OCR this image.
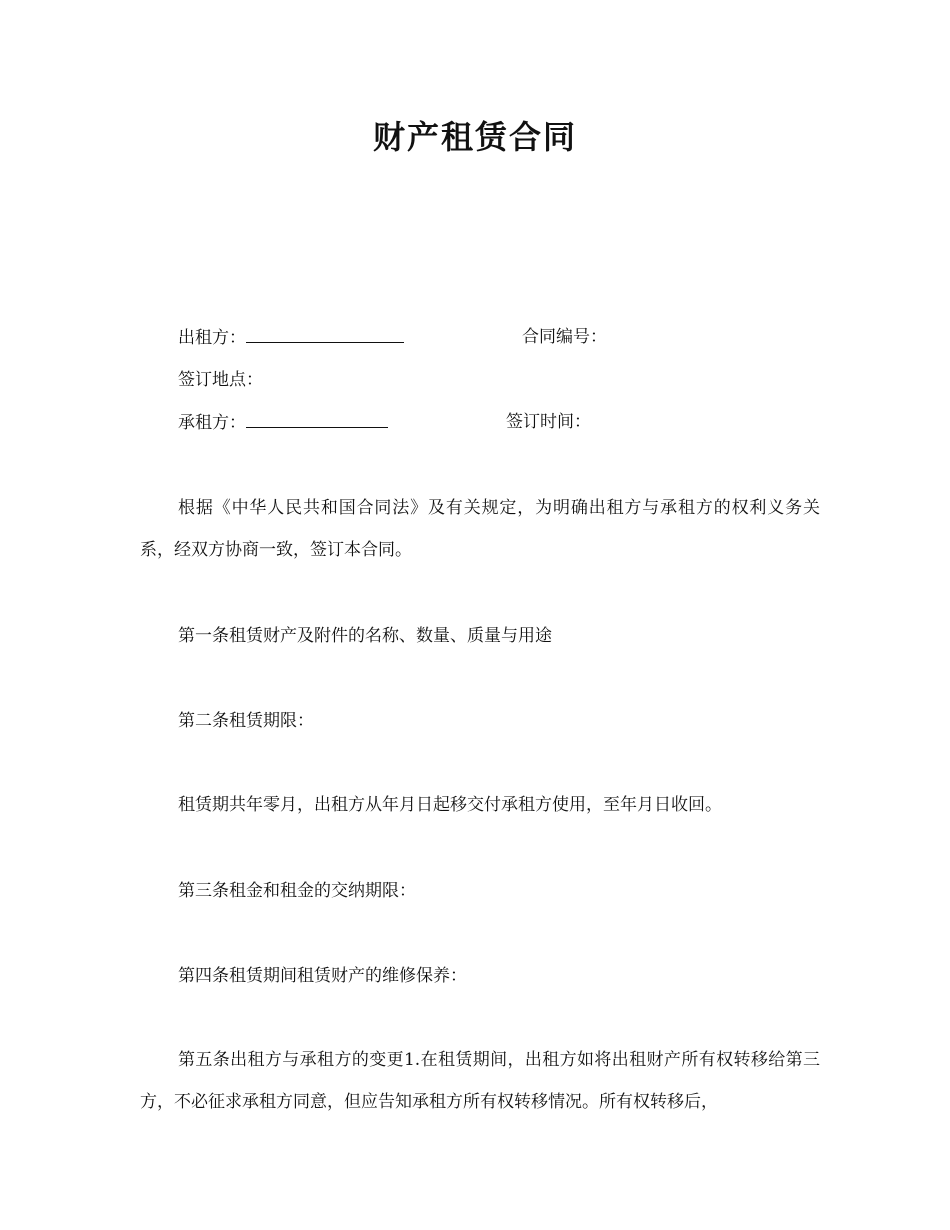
财产租赁合同
出租方：	合同编号：
签订地点：
承租方：	签订时间：

根据《中华人民共和国合同法》及有关规定，为明确出租方与承租方的权利义务关系，经双方协商一致，签订本合同。

第一条租赁财产及附件的名称、数量、质量与用途

第二条租赁期限：

租赁期共年零月，出租方从年月日起移交付承租方使用，至年月日收回。

第三条租金和租金的交纳期限：

第四条租赁期间租赁财产的维修保养：

第五条出租方与承租方的变更1.在租赁期间，出租方如将出租财产所有权转移给第三方，不必征求承租方同意，但应告知承租方所有权转移情况。所有权转移后，
